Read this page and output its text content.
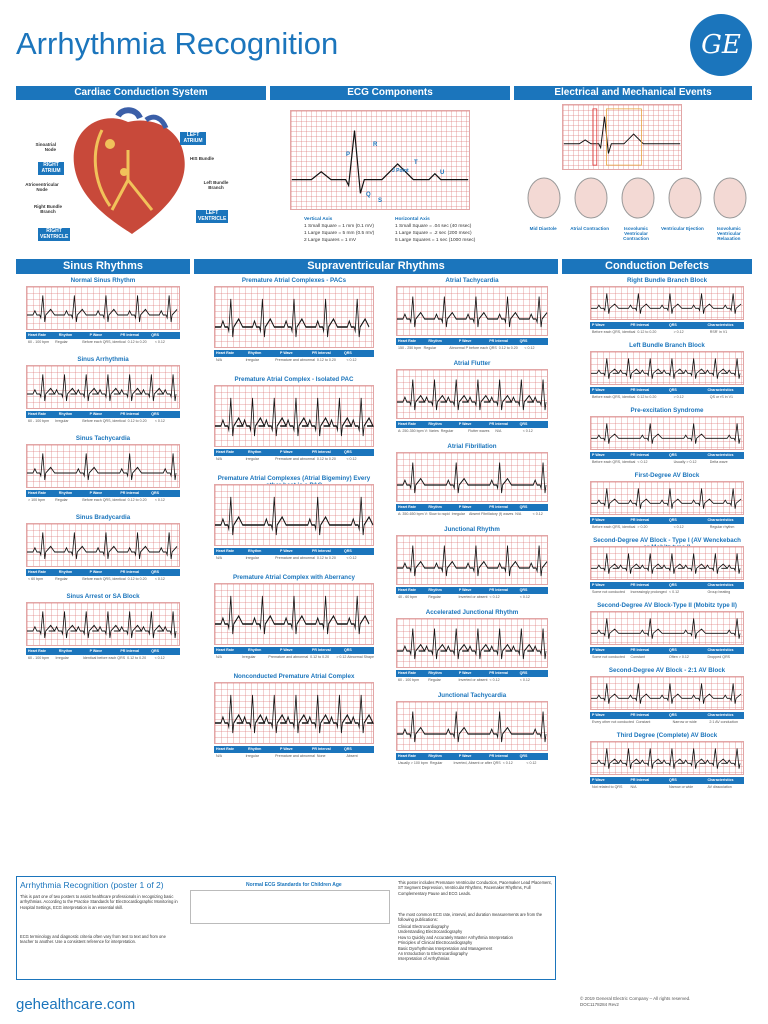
Arrhythmia Recognition	GE
Cardiac Conduction System	ECG Components	Electrical and Mechanical Events
Sinoatrial Node
RIGHT ATRIUM
Atrioventricular Node
Right Bundle Branch
RIGHT VENTRICLE
LEFT ATRIUM
HIS Bundle
Left Bundle Branch
LEFT VENTRICLE
P
Q
R
S
T
U
J Point
Vertical Axis
1 Small Square = 1 mm (0.1 mV)
1 Large Square = 5 mm (0.5 mV)
2 Large Squares = 1 mV
Horizontal Axis
1 Small Square = .04 sec (40 msec)
1 Large Square = .2 sec (200 msec)
5 Large Squares = 1 sec (1000 msec)
Mid Diastole	Atrial Contraction	Isovolumic Ventricular Contraction
Ventricular Ejection	Isovolumic Ventricular Relaxation
Sinus Rhythms	Supraventricular Rhythms	Conduction Defects
Normal Sinus Rhythm
Heart Rate	Rhythm	P Wave	PR Interval	QRS
60 - 100 bpm	Regular	Before each QRS, identical 0.12 to 0.20	< 0.12
Sinus Arrhythmia
Heart Rate	Rhythm	P Wave	PR Interval	QRS
60 - 100 bpm	Irregular	Before each QRS, identical 0.12 to 0.20	< 0.12
Sinus Tachycardia
Heart Rate	Rhythm	P Wave	PR Interval	QRS
> 100 bpm	Regular	Before each QRS, identical 0.12 to 0.20	< 0.12
Sinus Bradycardia
Heart Rate	Rhythm	P Wave	PR Interval	QRS
< 60 bpm	Regular	Before each QRS, identical 0.12 to 0.20	< 0.12
Sinus Arrest or SA Block
Heart Rate	Rhythm	P Wave	PR Interval	QRS
60 - 100 bpm	Irregular	Identical before each QRS 0.12 to 0.20	< 0.12
Premature Atrial Complexes - PACs
Heart Rate	Rhythm	P Wave	PR Interval	QRS
N/A	Irregular	Premature and abnormal 0.12 to 0.20	< 0.12
Premature Atrial Complex - Isolated PAC
Heart Rate	Rhythm	P Wave	PR Interval	QRS
N/A	Irregular	Premature and abnormal 0.12 to 0.20	< 0.12
Premature Atrial Complexes (Atrial Bigeminy) Every
Heart Rate	Rhythm	P Wave	PR Interval	QRS
N/A	Irregular	Premature and abnormal 0.12 to 0.20	< 0.12
Premature Atrial Complex with Aberrancy
Heart Rate	Rhythm	P Wave	PR Interval	QRS
N/A	Irregular	Premature and abnormal 0.12 to 0.20	> 0.12 Abnormal Shape
Nonconducted Premature Atrial Complex
Heart Rate	Rhythm	P Wave	PR Interval	QRS
N/A	Irregular	Premature and abnormal None	Absent
Atrial Tachycardia
Heart Rate	Rhythm	P Wave	PR Interval	QRS
150 - 250 bpm Regular	Abnormal P before each QRS 0.12 to 0.20	< 0.12
Atrial Flutter
Heart Rate	Rhythm	P Wave	PR Interval	QRS
A: 250-350 bpm V: Varies Regular	Flutter waves	N/A	< 0.12
Atrial Fibrillation
Heart Rate	Rhythm	P Wave	PR Interval	QRS
A: 350-650 bpm V: Slow to rapid Irregular	Absent Fibrillatory (f) waves N/A	< 0.12
Junctional Rhythm
Heart Rate	Rhythm	P Wave	PR Interval	QRS
40 - 60 bpm	Regular	Inverted or absent < 0.12	< 0.12
Accelerated Junctional Rhythm
Heart Rate	Rhythm	P Wave	PR Interval	QRS
60 - 100 bpm	Regular	Inverted or absent < 0.12	< 0.12
Junctional Tachycardia
Heart Rate	Rhythm	P Wave	PR Interval	QRS
Usually > 100 bpm Regular	Inverted, Absent or after QRS < 0.12	< 0.12
Right Bundle Branch Block
P Wave	PR Interval	QRS	Characteristics
Before each QRS, identical 0.12 to 0.20	> 0.12	RSR' in V1
Left Bundle Branch Block
P Wave	PR Interval	QRS	Characteristics
Before each QRS, identical 0.12 to 0.20	> 0.12	QS or rS in V1
Pre-excitation Syndrome
P Wave	PR Interval	QRS	Characteristics
Before each QRS, identical < 0.12	Usually > 0.12	Delta wave
First-Degree AV Block
P Wave	PR Interval	QRS	Characteristics
Before each QRS, identical > 0.20	< 0.12	Regular rhythm
Second-Degree AV Block - Type I (AV Wenckebach
P Wave	PR Interval	QRS	Characteristics
Some not conducted	Increasingly prolonged < 0.12	Group beating
Second-Degree AV Block-Type II (Mobitz type II)
P Wave	PR Interval	QRS	Characteristics
Some not conducted	Constant	Often > 0.12	Dropped QRS
Second-Degree AV Block - 2:1 AV Block
P Wave	PR Interval	QRS	Characteristics
Every other not conducted Constant	Narrow or wide	2:1 AV conduction
Third Degree (Complete) AV Block
P Wave	PR Interval	QRS	Characteristics
Not related to QRS	N/A	Narrow or wide	AV dissociation
Arrhythmia Recognition (poster 1 of 2)
This is part one of two posters to assist healthcare professionals in recognizing basic arrhythmias. According to the Practice Standards for Electrocardiographic Monitoring in Hospital Settings, ECG interpretation is an essential skill.
ECG terminology and diagnostic criteria often vary from text to text and from one teacher to another. Use a consistent reference for interpretation.
Normal ECG Standards for Children Age	This poster includes Premature Ventricular Conduction, Pacemaker Lead Placement, ST Segment Depression, Ventricular Rhythms, Pacemaker Rhythms, Full Complementary Pause and ECG Leads.
The most common ECG rate, interval, and duration measurements are from the following publications:
Clinical Electrocardiography
Understanding Electrocardiography
How to Quickly and Accurately Master Arrhythmia Interpretation
Principles of Clinical Electrocardiography
Basic Dysrhythmias Interpretation and Management
An Introduction to Electrocardiography
Interpretation of Arrhythmias
gehealthcare.com	© 2019 General Electric Company – All rights reserved.
DOC1178284 Rev2
